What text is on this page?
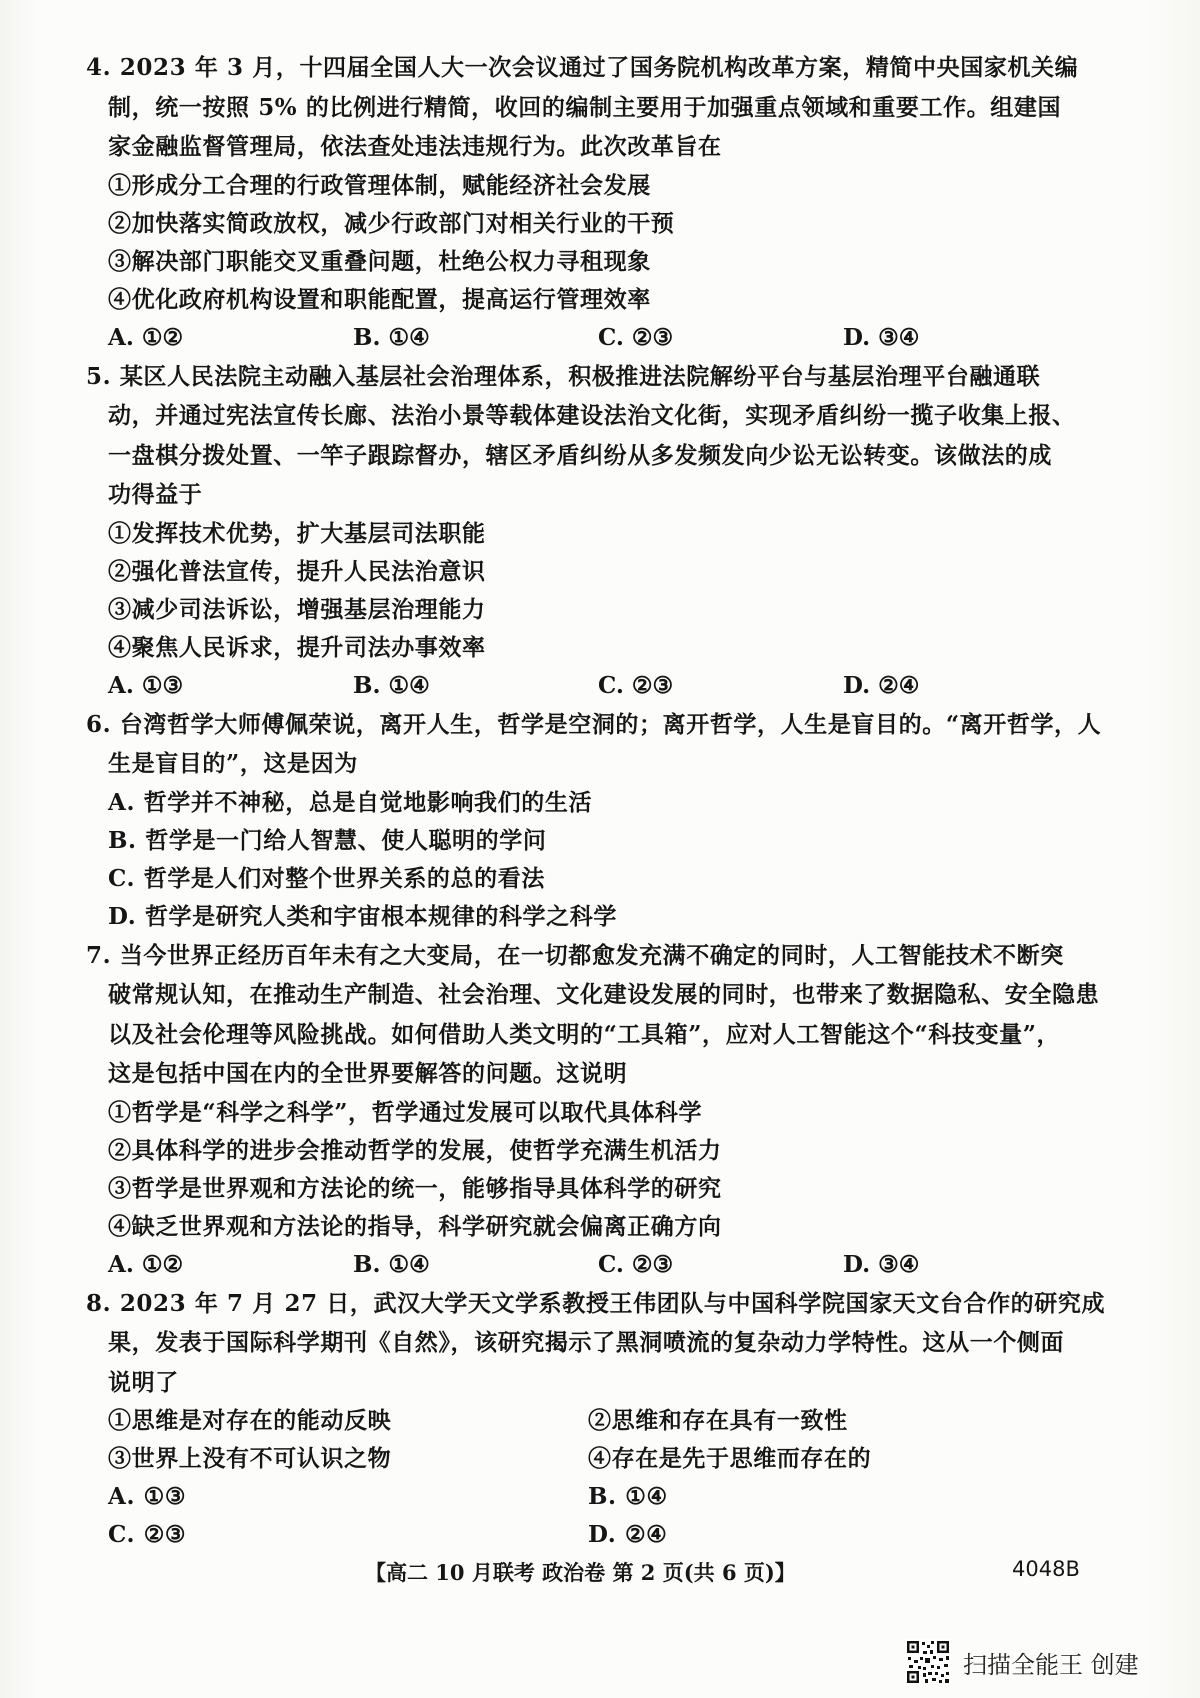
4. 2023 年 3 月，十四届全国人大一次会议通过了国务院机构改革方案，精简中央国家机关编

制，统一按照 5% 的比例进行精简，收回的编制主要用于加强重点领域和重要工作。组建国

家金融监督管理局，依法查处违法违规行为。此次改革旨在

①形成分工合理的行政管理体制，赋能经济社会发展

②加快落实简政放权，减少行政部门对相关行业的干预

③解决部门职能交叉重叠问题，杜绝公权力寻租现象

④优化政府机构设置和职能配置，提高运行管理效率

A. ①②	B. ①④	C. ②③	D. ③④

5. 某区人民法院主动融入基层社会治理体系，积极推进法院解纷平台与基层治理平台融通联

动，并通过宪法宣传长廊、法治小景等载体建设法治文化街，实现矛盾纠纷一揽子收集上报、

一盘棋分拨处置、一竿子跟踪督办，辖区矛盾纠纷从多发频发向少讼无讼转变。该做法的成

功得益于

①发挥技术优势，扩大基层司法职能

②强化普法宣传，提升人民法治意识

③减少司法诉讼，增强基层治理能力

④聚焦人民诉求，提升司法办事效率

A. ①③	B. ①④	C. ②③	D. ②④

6. 台湾哲学大师傅佩荣说，离开人生，哲学是空洞的；离开哲学，人生是盲目的。“离开哲学，人

生是盲目的”，这是因为

A. 哲学并不神秘，总是自觉地影响我们的生活

B. 哲学是一门给人智慧、使人聪明的学问

C. 哲学是人们对整个世界关系的总的看法

D. 哲学是研究人类和宇宙根本规律的科学之科学

7. 当今世界正经历百年未有之大变局，在一切都愈发充满不确定的同时，人工智能技术不断突

破常规认知，在推动生产制造、社会治理、文化建设发展的同时，也带来了数据隐私、安全隐患

以及社会伦理等风险挑战。如何借助人类文明的“工具箱”，应对人工智能这个“科技变量”，

这是包括中国在内的全世界要解答的问题。这说明

①哲学是“科学之科学”，哲学通过发展可以取代具体科学

②具体科学的进步会推动哲学的发展，使哲学充满生机活力

③哲学是世界观和方法论的统一，能够指导具体科学的研究

④缺乏世界观和方法论的指导，科学研究就会偏离正确方向

A. ①②	B. ①④	C. ②③	D. ③④

8. 2023 年 7 月 27 日，武汉大学天文学系教授王伟团队与中国科学院国家天文台合作的研究成

果，发表于国际科学期刊《自然》，该研究揭示了黑洞喷流的复杂动力学特性。这从一个侧面

说明了

①思维是对存在的能动反映	②思维和存在具有一致性
③世界上没有不可认识之物	④存在是先于思维而存在的
A. ①③	B. ①④
C. ②③	D. ②④
【高二 10 月联考 政治卷 第 2 页(共 6 页)】	4048B
扫描全能王 创建
